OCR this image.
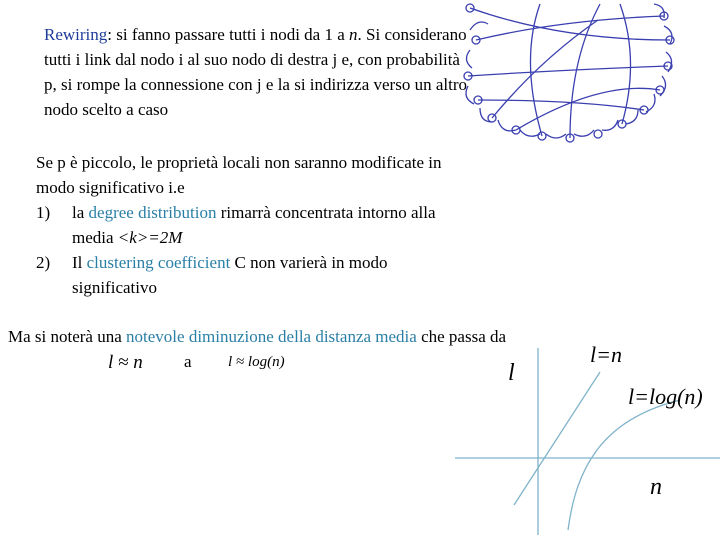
Rewiring: si fanno passare tutti i nodi da 1 a n. Si considerano tutti i link dal nodo i al suo nodo di destra j e, con probabilità p, si rompe la connessione con j e la si indirizza verso un altro nodo scelto a caso
Se p è piccolo, le proprietà locali non saranno modificate in modo significativo i.e
1) la degree distribution rimarrà concentrata intorno alla media <k>=2M
2) Il clustering coefficient C non varierà in modo significativo
Ma si noterà una notevole diminuzione della distanza media che passa da
a
l ≈ n	l ≈ log(n)	l
l=n
l=log(n)
n
